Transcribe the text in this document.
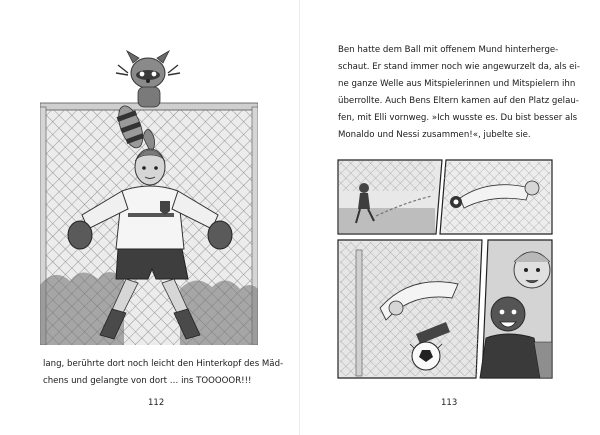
lang, berührte dort noch leicht den Hinterkopf des Mäd-

chens und gelangte von dort … ins TOOOOOR!!!

112

Ben hatte dem Ball mit offenem Mund hinterherge-

schaut. Er stand immer noch wie angewurzelt da, als ei-

ne ganze Welle aus Mitspielerinnen und Mitspielern ihn

überrollte. Auch Bens Eltern kamen auf den Platz gelau-

fen, mit Elli vornweg. »Ich wusste es. Du bist besser als

Monaldo und Nessi zusammen!«, jubelte sie.

113
